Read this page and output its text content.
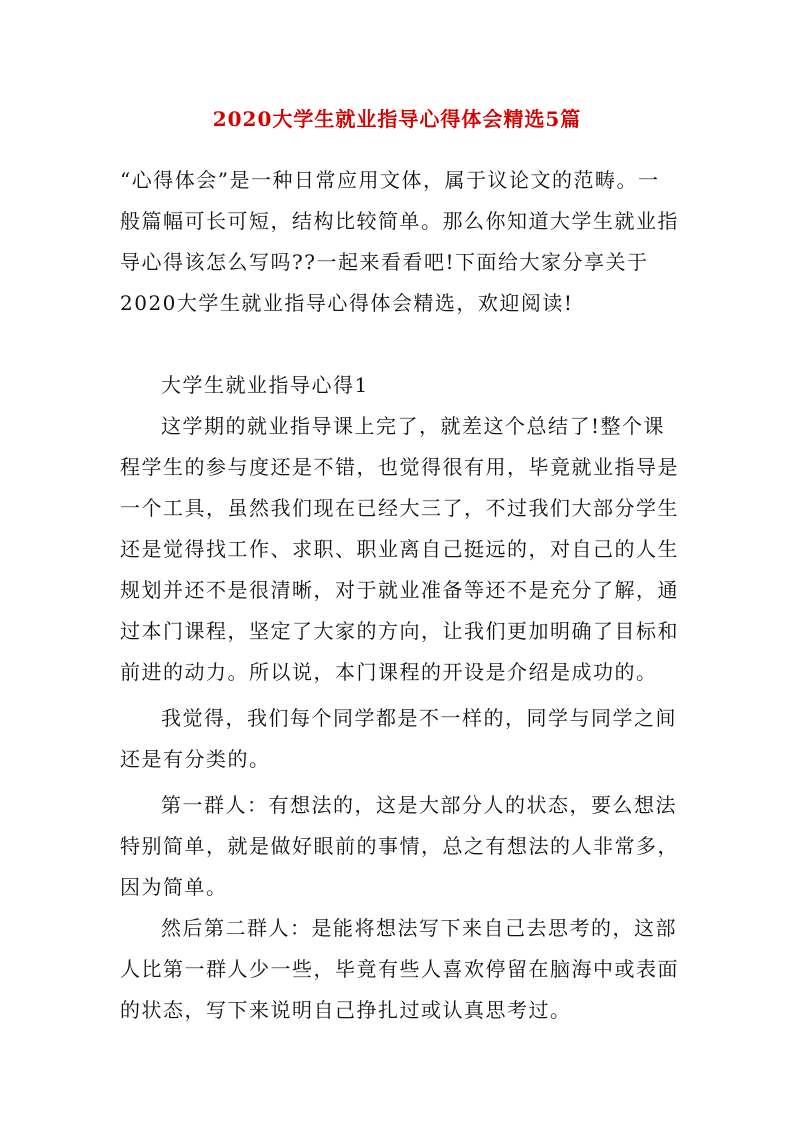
2020大学生就业指导心得体会精选5篇
“心得体会”是一种日常应用文体，属于议论文的范畴。一
般篇幅可长可短，结构比较简单。那么你知道大学生就业指
导心得该怎么写吗??一起来看看吧!下面给大家分享关于
2020大学生就业指导心得体会精选，欢迎阅读!
大学生就业指导心得1
这学期的就业指导课上完了，就差这个总结了!整个课
程学生的参与度还是不错，也觉得很有用，毕竟就业指导是
一个工具，虽然我们现在已经大三了，不过我们大部分学生
还是觉得找工作、求职、职业离自己挺远的，对自己的人生
规划并还不是很清晰，对于就业准备等还不是充分了解，通
过本门课程，坚定了大家的方向，让我们更加明确了目标和
前进的动力。所以说，本门课程的开设是介绍是成功的。
我觉得，我们每个同学都是不一样的，同学与同学之间
还是有分类的。
第一群人：有想法的，这是大部分人的状态，要么想法
特别简单，就是做好眼前的事情，总之有想法的人非常多，
因为简单。
然后第二群人：是能将想法写下来自己去思考的，这部
人比第一群人少一些，毕竟有些人喜欢停留在脑海中或表面
的状态，写下来说明自己挣扎过或认真思考过。
